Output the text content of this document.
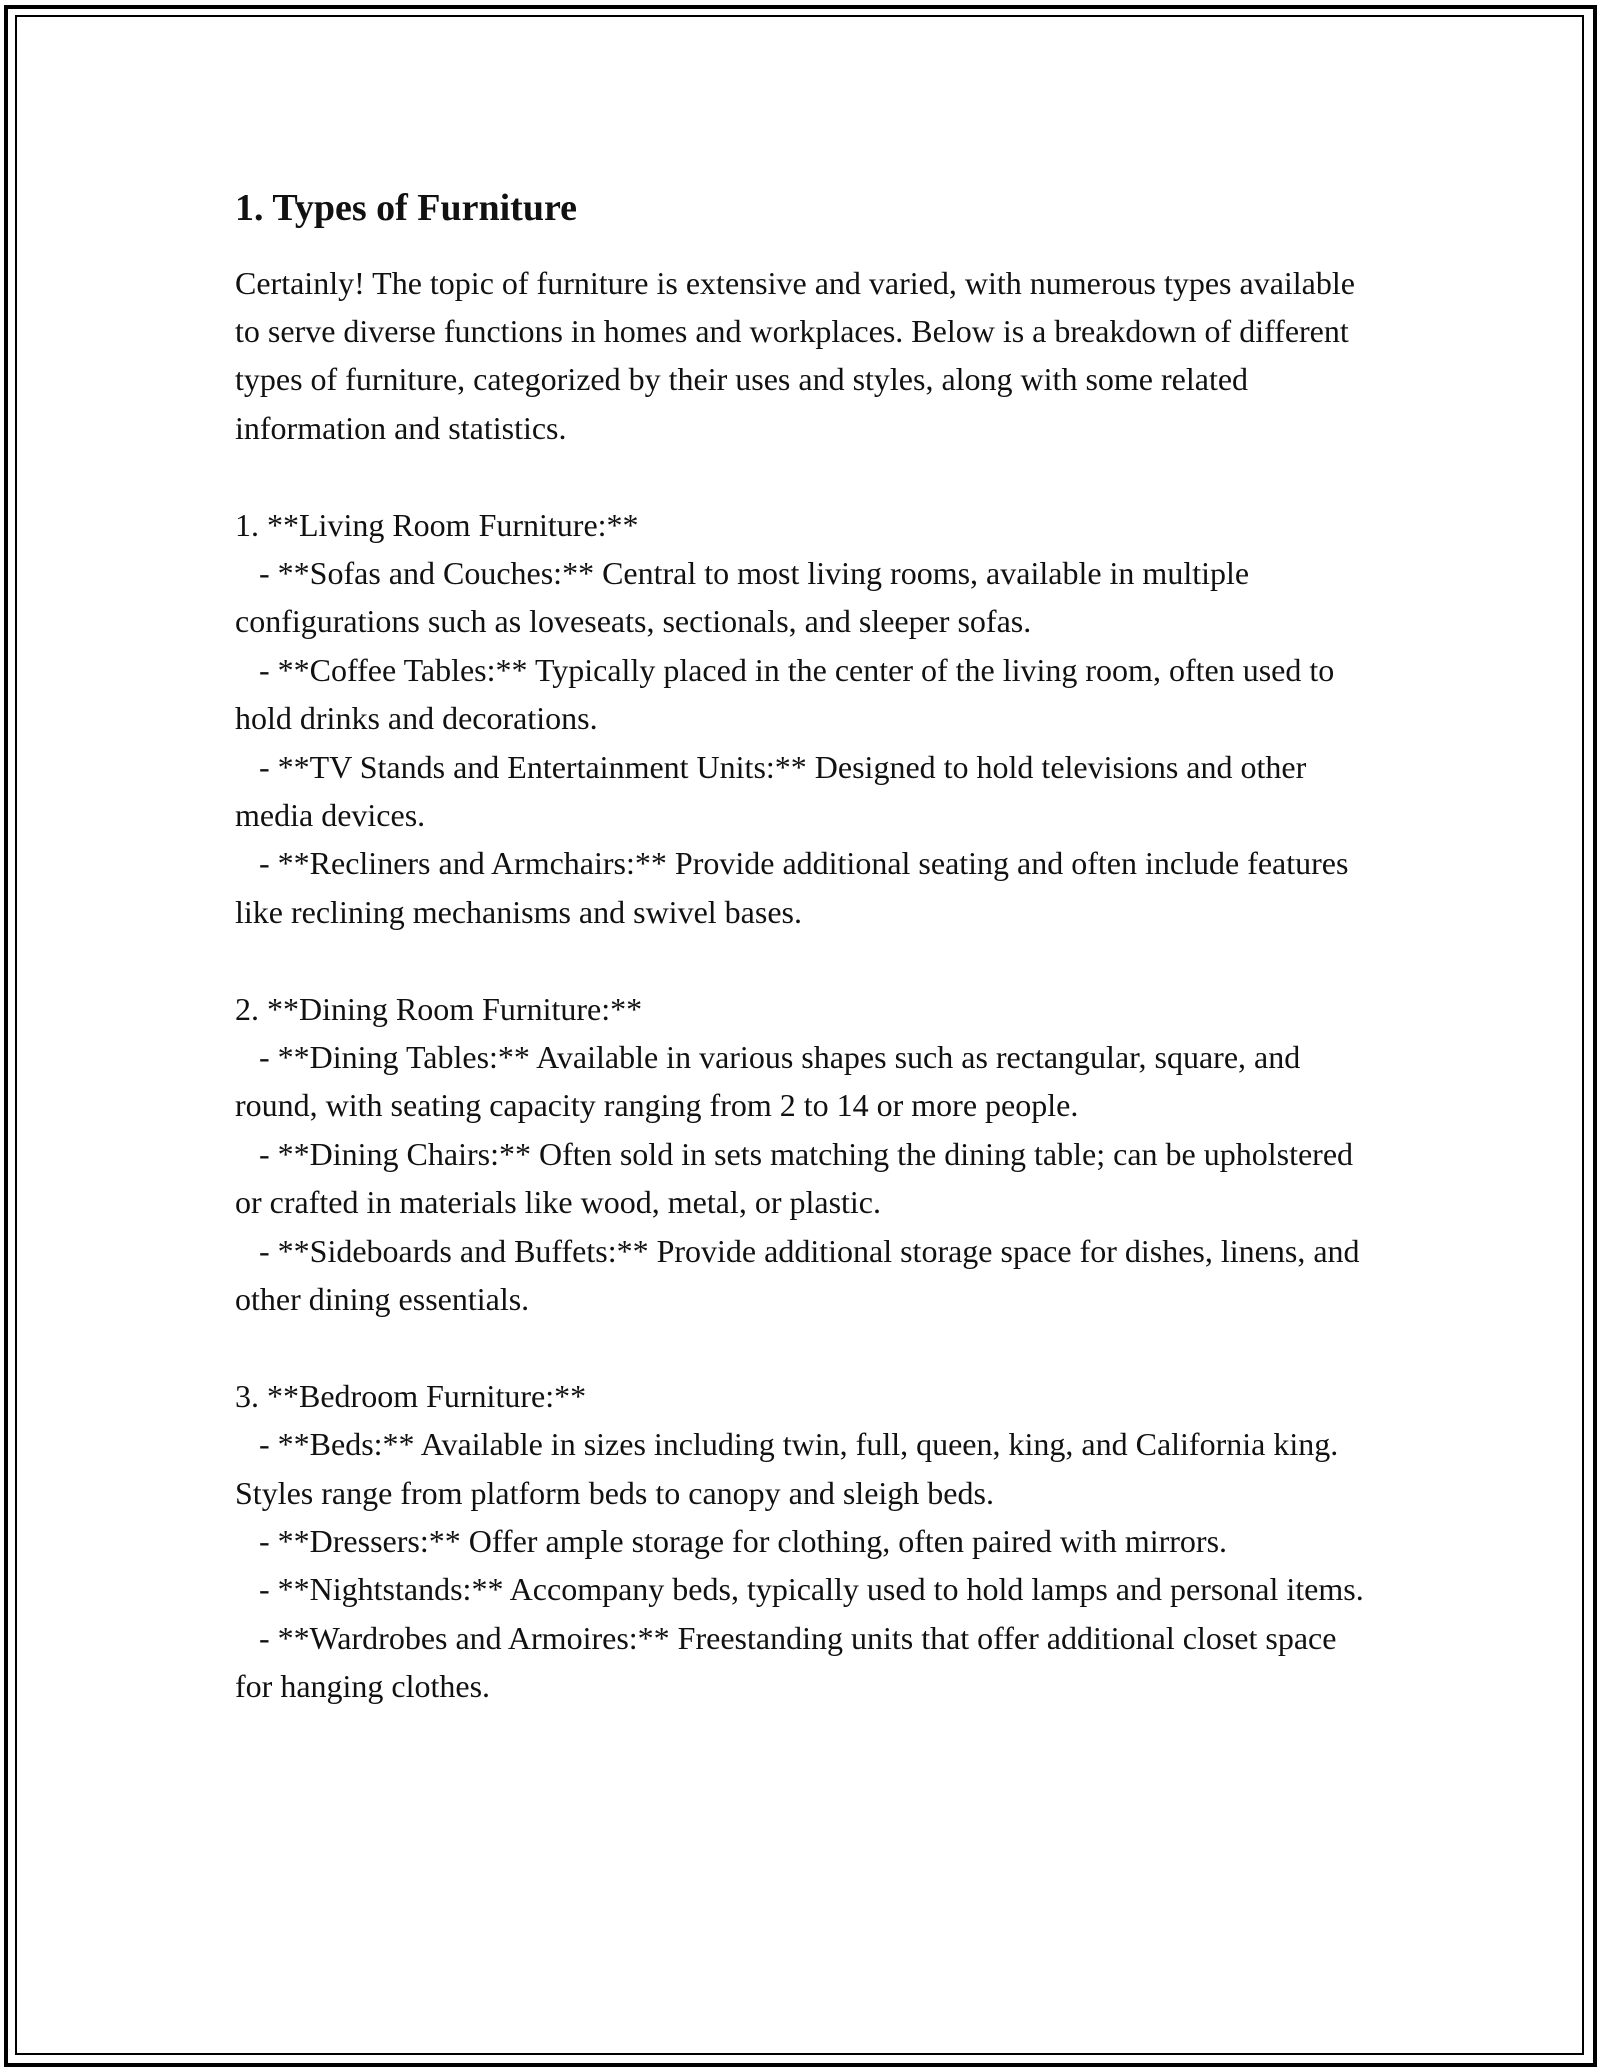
1. Types of Furniture

Certainly! The topic of furniture is extensive and varied, with numerous types available to serve diverse functions in homes and workplaces. Below is a breakdown of different types of furniture, categorized by their uses and styles, along with some related information and statistics.

1. **Living Room Furniture:**

- **Sofas and Couches:** Central to most living rooms, available in multiple configurations such as loveseats, sectionals, and sleeper sofas.

- **Coffee Tables:** Typically placed in the center of the living room, often used to hold drinks and decorations.

- **TV Stands and Entertainment Units:** Designed to hold televisions and other media devices.

- **Recliners and Armchairs:** Provide additional seating and often include features like reclining mechanisms and swivel bases.

2. **Dining Room Furniture:**

- **Dining Tables:** Available in various shapes such as rectangular, square, and round, with seating capacity ranging from 2 to 14 or more people.

- **Dining Chairs:** Often sold in sets matching the dining table; can be upholstered or crafted in materials like wood, metal, or plastic.

- **Sideboards and Buffets:** Provide additional storage space for dishes, linens, and other dining essentials.

3. **Bedroom Furniture:**

- **Beds:** Available in sizes including twin, full, queen, king, and California king. Styles range from platform beds to canopy and sleigh beds.

- **Dressers:** Offer ample storage for clothing, often paired with mirrors.

- **Nightstands:** Accompany beds, typically used to hold lamps and personal items.

- **Wardrobes and Armoires:** Freestanding units that offer additional closet space for hanging clothes.
